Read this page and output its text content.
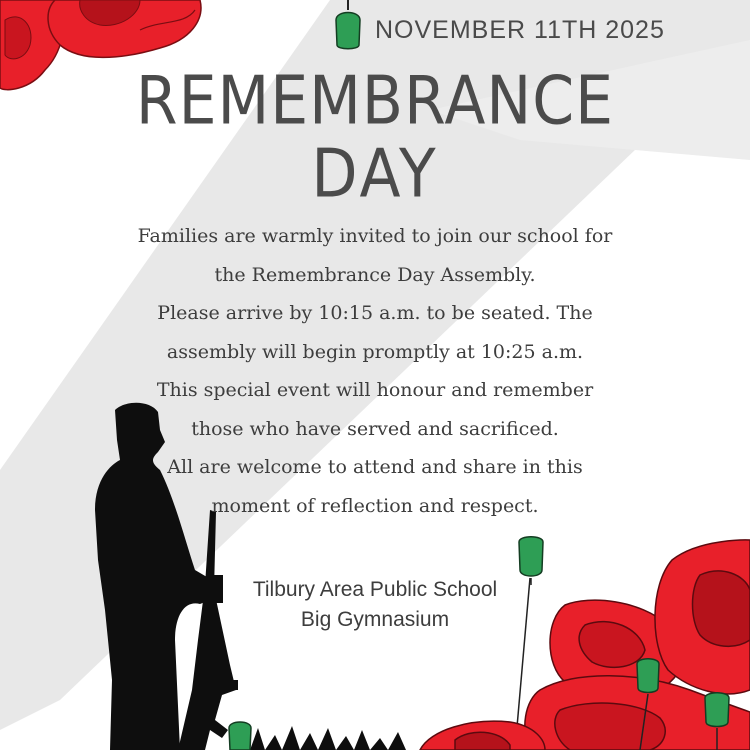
NOVEMBER 11TH 2025
REMEMBRANCE
DAY
Families are warmly invited to join our school for
the Remembrance Day Assembly.
Please arrive by 10:15 a.m. to be seated. The
assembly will begin promptly at 10:25 a.m.
This special event will honour and remember
those who have served and sacrificed.
All are welcome to attend and share in this
moment of reflection and respect.
Tilbury Area Public School
Big Gymnasium
